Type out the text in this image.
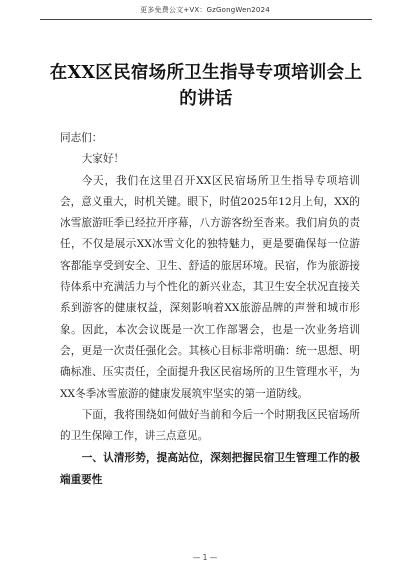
更多免费公文+VX：GzGongWen2024
在XX区民宿场所卫生指导专项培训会上的讲话

同志们：

大家好！

今天，我们在这里召开XX区民宿场所卫生指导专项培训会，意义重大，时机关键。眼下，时值2025年12月上旬，XX的冰雪旅游旺季已经拉开序幕，八方游客纷至沓来。我们肩负的责任，不仅是展示XX冰雪文化的独特魅力，更是要确保每一位游客都能享受到安全、卫生、舒适的旅居环境。民宿，作为旅游接待体系中充满活力与个性化的新兴业态，其卫生安全状况直接关系到游客的健康权益，深刻影响着XX旅游品牌的声誉和城市形象。因此，本次会议既是一次工作部署会，也是一次业务培训会，更是一次责任强化会。其核心目标非常明确：统一思想、明确标准、压实责任，全面提升我区民宿场所的卫生管理水平，为XX冬季冰雪旅游的健康发展筑牢坚实的第一道防线。

下面，我将围绕如何做好当前和今后一个时期我区民宿场所的卫生保障工作，讲三点意见。

一、认清形势，提高站位，深刻把握民宿卫生管理工作的极端重要性

— 1 —
